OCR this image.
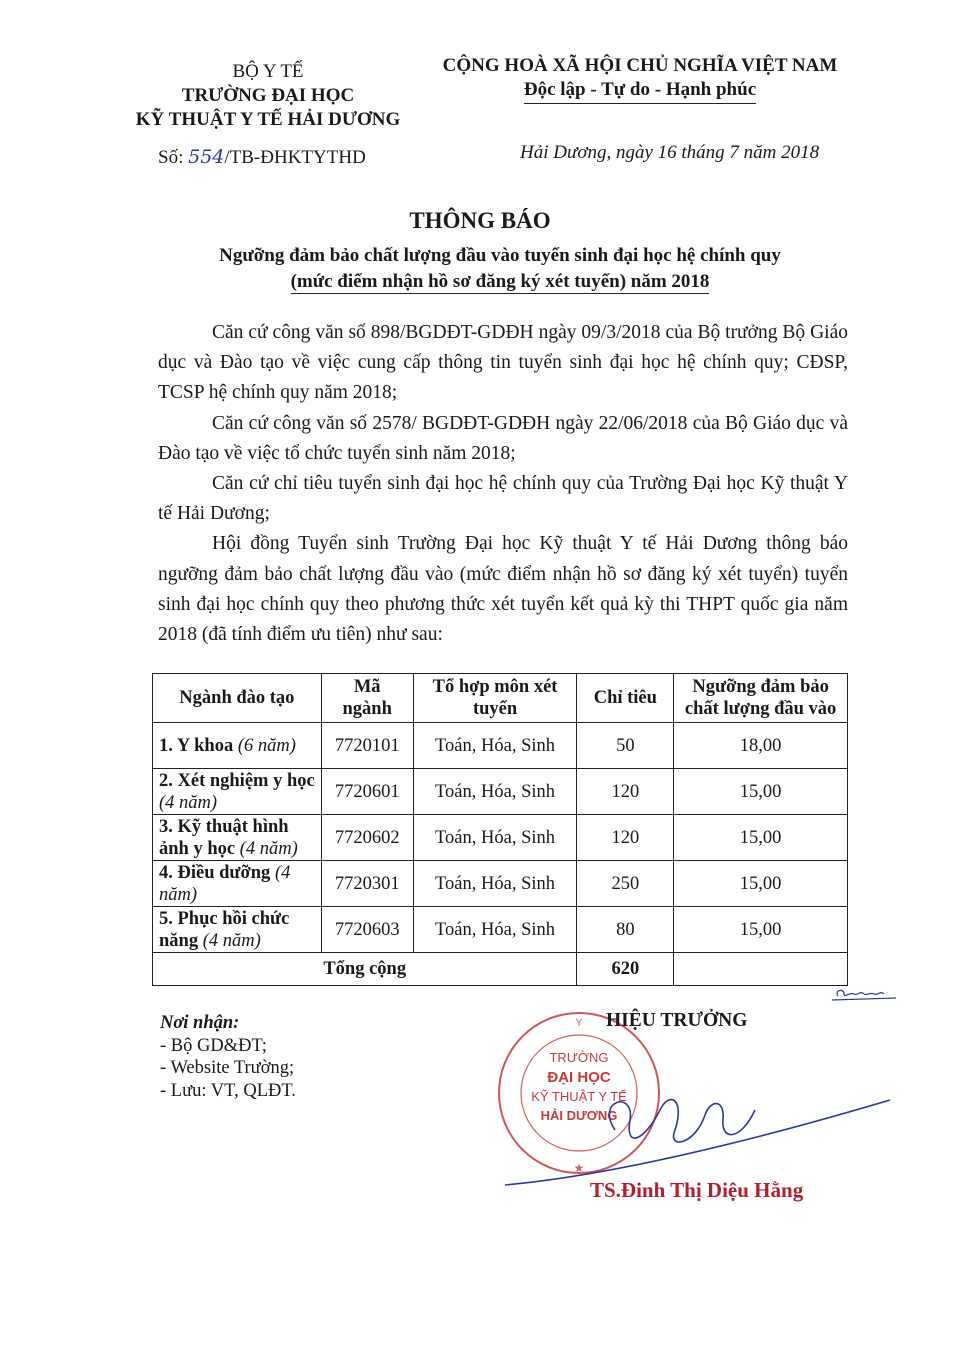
BỘ Y TẾ
TRƯỜNG ĐẠI HỌC
KỸ THUẬT Y TẾ HẢI DƯƠNG
CỘNG HOÀ XÃ HỘI CHỦ NGHĨA VIỆT NAM
Độc lập - Tự do - Hạnh phúc
Số: 554/TB-ĐHKTYTHD	Hải Dương, ngày 16 tháng 7 năm 2018
THÔNG BÁO
Ngưỡng đảm bảo chất lượng đầu vào tuyển sinh đại học hệ chính quy
(mức điểm nhận hồ sơ đăng ký xét tuyển) năm 2018

Căn cứ công văn số 898/BGDĐT-GDĐH ngày 09/3/2018 của Bộ trưởng Bộ Giáo dục và Đào tạo về việc cung cấp thông tin tuyển sinh đại học hệ chính quy; CĐSP, TCSP hệ chính quy năm 2018;

Căn cứ công văn số 2578/ BGDĐT-GDĐH ngày 22/06/2018 của Bộ Giáo dục và Đào tạo về việc tổ chức tuyển sinh năm 2018;

Căn cứ chỉ tiêu tuyển sinh đại học hệ chính quy của Trường Đại học Kỹ thuật Y tế Hải Dương;

Hội đồng Tuyển sinh Trường Đại học Kỹ thuật Y tế Hải Dương thông báo ngưỡng đảm bảo chất lượng đầu vào (mức điểm nhận hồ sơ đăng ký xét tuyển) tuyển sinh đại học chính quy theo phương thức xét tuyển kết quả kỳ thi THPT quốc gia năm 2018 (đã tính điểm ưu tiên) như sau:

Ngành đào tạo	Mã ngành	Tổ hợp môn xét tuyển	Chỉ tiêu	Ngưỡng đảm bảo chất lượng đầu vào
1. Y khoa (6 năm)	7720101	Toán, Hóa, Sinh	50	18,00
2. Xét nghiệm y học (4 năm)	7720601	Toán, Hóa, Sinh	120	15,00
3. Kỹ thuật hình ảnh y học (4 năm)	7720602	Toán, Hóa, Sinh	120	15,00
4. Điều dưỡng (4 năm)	7720301	Toán, Hóa, Sinh	250	15,00
5. Phục hồi chức năng (4 năm)	7720603	Toán, Hóa, Sinh	80	15,00
Tổng cộng			620	
Nơi nhận:
- Bộ GD&ĐT;
- Website Trường;
- Lưu: VT, QLĐT.
Y
★
TRƯỜNG
ĐẠI HỌC
KỸ THUẬT Y TẾ
HẢI DƯƠNG
HIỆU TRƯỞNG
TS.Đinh Thị Diệu Hằng
